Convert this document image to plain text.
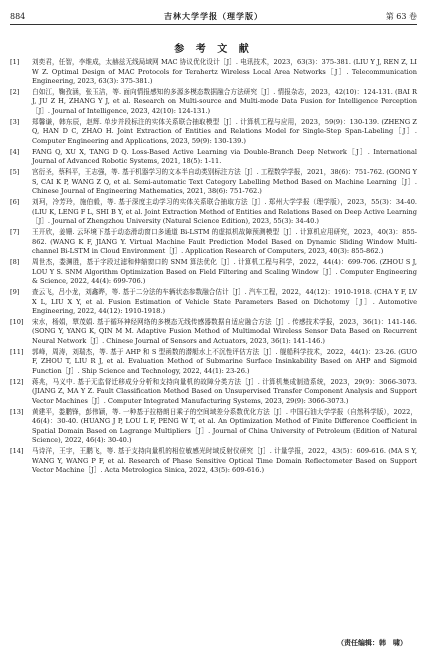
884	吉林大学学报（理学版）	第 63 卷
参 考 文 献
[1]	刘奕君，任智，李维成，太赫兹无线局域网 MAC 协议优化设计［J］. 电讯技术，2023，63(3)：375-381. (LIU Y J, REN Z, LI W Z. Optimal Design of MAC Protocols for Terahertz Wireless Local Area Networks［J］. Telecommunication Engineering, 2023, 63(3): 375-381.)
[2]	白如江，鞠孜涵，张玉洁，等. 面向情报感知的多源多模态数据融合方法研究［J］. 情报杂志，2023，42(10)：124-131. (BAI R J, JU Z H, ZHANG Y J, et al. Research on Multi-source and Multi-mode Data Fusion for Intelligence Perception［J］. Journal of Intelligence, 2023, 42(10): 124-131.)
[3]	郑馨谦，韩东辰，赵辉. 单步并段标注的实体关系联合抽取模型［J］. 计算机工程与应用，2023，59(9)：130-139. (ZHENG Z Q, HAN D C, ZHAO H. Joint Extraction of Entities and Relations Model for Single-Step Span-Labeling［J］. Computer Engineering and Applications, 2023, 59(9): 130-139.)
[4]	FANG Q, XU X, TANG D Q. Loss-Based Active Learning via Double-Branch Deep Network［J］. International Journal of Advanced Robotic Systems, 2021, 18(5): 1-11.
[5]	宫衍圣，蔡科平，王志强，等. 基于机器学习的文本半自动类别标注方法［J］. 工程数学学报，2021，38(6)：751-762. (GONG Y S, CAI K P, WANG Z Q, et al. Semi-automatic Text Category Labelling Method Based on Machine Learning［J］. Chinese Journal of Engineering Mathematics, 2021, 38(6): 751-762.)
[6]	刘珂，冷芳玲，施伯毅，等. 基于深度主动学习的实体关系联合抽取方法［J］. 郑州大学学报（理学版），2023，55(3)：34-40. (LIU K, LENG F L, SHI B Y, et al. Joint Extraction Method of Entities and Relations Based on Deep Active Learning［J］. Journal of Zhengzhou University (Natural Science Edition), 2023, 55(3): 34-40.)
[7]	王开欣，姜姗. 云环境下基于动态滑动窗口多通道 Bi-LSTM 的虚拟机故障预测模型［J］. 计算机应用研究，2023，40(3)：855-862. (WANG K F, JIANG Y. Virtual Machine Fault Prediction Model Based on Dynamic Sliding Window Multi-channel Bi-LSTM in Cloud Environment［J］. Application Research of Computers, 2023, 40(3): 855-862.)
[8]	周世杰，娄渊胜，基于字段过滤和伸缩窗口的 SNM 算法优化［J］. 计算机工程与科学，2022，44(4)：699-706. (ZHOU S J, LOU Y S. SNM Algorithm Optimization Based on Field Filtering and Scaling Window［J］. Computer Engineering & Science, 2022, 44(4): 699-706.)
[9]	查云飞，吕小龙，刘鑫晔，等. 基于二分法的车辆状态参数融合估计［J］. 汽车工程，2022，44(12)：1910-1918. (CHA Y F, LV X L, LIU X Y, et al. Fusion Estimation of Vehicle State Parameters Based on Dichotomy［J］. Automotive Engineering, 2022, 44(12): 1910-1918.)
[10]	宋水，杨娟，覃茂娟. 基于循环神经网络的多模态无线传感器数据自适应融合方法［J］. 传感技术学报，2023，36(1)：141-146. (SONG Y, YANG K, QIN M M. Adaptive Fusion Method of Multimodal Wireless Sensor Data Based on Recurrent Neural Network［J］. Chinese Journal of Sensors and Actuators, 2023, 36(1): 141-146.)
[11]	郭峰，周涛，刘瑞杰，等. 基于 AHP 和 S 型函数的潜艇水上不沉性评估方法［J］. 舰船科学技术，2022，44(1)：23-26. (GUO F, ZHOU T, LIU R J, et al. Evaluation Method of Submarine Surface Insinkability Based on AHP and Sigmoid Function［J］. Ship Science and Technology, 2022, 44(1): 23-26.)
[12]	蒋兆，马义中. 基于无监督迁移成分分析和支持向量机的故障分类方法［J］. 计算机集成制造系统，2023，29(9)：3066-3073. (JIANG Z, MA Y Z. Fault Classification Method Based on Unsupervised Transfer Component Analysis and Support Vector Machines［J］. Computer Integrated Manufacturing Systems, 2023, 29(9): 3066-3073.)
[13]	黄建平，娄鹏锋，彭伟颖，等. 一种基于拉格朗日乘子的空间域差分系数优化方法［J］. 中国石油大学学报（自然科学版），2022，46(4)：30-40. (HUANG J P, LOU L F, PENG W T, et al. An Optimization Method of Finite Difference Coefficient in Spatial Domain Based on Lagrange Multipliers［J］. Journal of China University of Petroleum (Edition of Natural Science), 2022, 46(4): 30-40.)
[14]	马诗洋，王宇，王鹏飞，等. 基于支持向量机的相位敏感光时域反射仪研究［J］. 计量学报，2022，43(5)：609-616. (MA S Y, WANG Y, WANG P F, et al. Research of Phase Sensitive Optical Time Domain Reflectometer Based on Support Vector Machine［J］. Acta Metrologica Sinica, 2022, 43(5): 609-616.)
（责任编辑：韩　啸）
